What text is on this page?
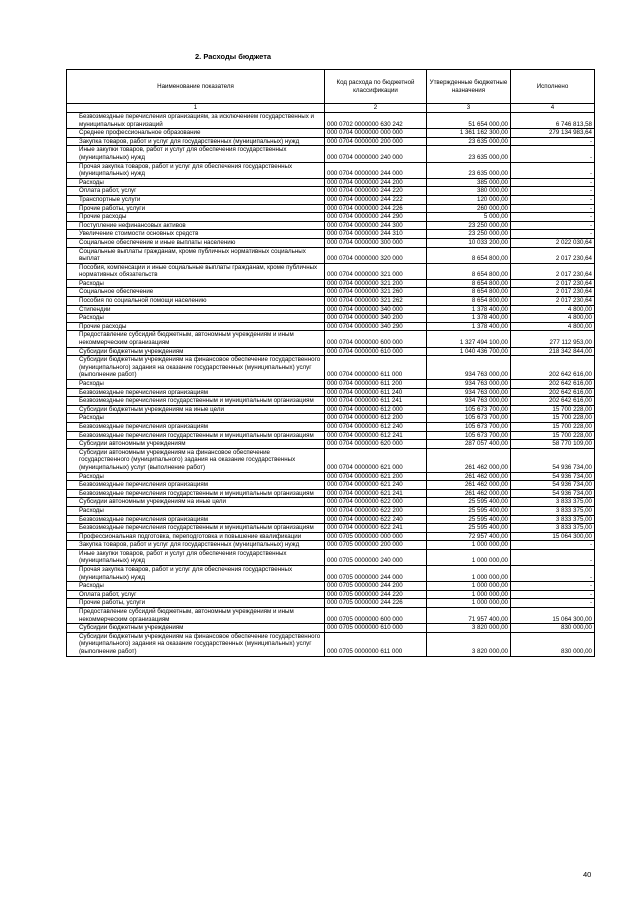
2. Расходы бюджета
Наименование показателя	Код расхода по бюджетной классификации	Утвержденные бюджетные назначения	Исполнено
1	2	3	4
Безвозмездные перечисления организациям, за исключением государственных и муниципальных организаций	000 0702 0000000 630 242	51 654 000,00	6 746 813,58
Среднее профессиональное образование	000 0704 0000000 000 000	1 361 162 300,00	279 134 983,64
Закупка товаров, работ и услуг для государственных (муниципальных) нужд	000 0704 0000000 200 000	23 635 000,00	-
Иные закупки товаров, работ и услуг для обеспечения государственных (муниципальных) нужд	000 0704 0000000 240 000	23 635 000,00	-
Прочая закупка товаров, работ и услуг для обеспечения государственных (муниципальных) нужд	000 0704 0000000 244 000	23 635 000,00	-
Расходы	000 0704 0000000 244 200	385 000,00	-
Оплата работ, услуг	000 0704 0000000 244 220	380 000,00	-
Транспортные услуги	000 0704 0000000 244 222	120 000,00	-
Прочие работы, услуги	000 0704 0000000 244 226	260 000,00	-
Прочие расходы	000 0704 0000000 244 290	5 000,00	-
Поступление нефинансовых активов	000 0704 0000000 244 300	23 250 000,00	-
Увеличение стоимости основных средств	000 0704 0000000 244 310	23 250 000,00	-
Социальное обеспечение и иные выплаты населению	000 0704 0000000 300 000	10 033 200,00	2 022 030,64
Социальные выплаты гражданам, кроме публичных нормативных социальных выплат	000 0704 0000000 320 000	8 654 800,00	2 017 230,64
Пособия, компенсации и иные социальные выплаты гражданам, кроме публичных нормативных обязательств	000 0704 0000000 321 000	8 654 800,00	2 017 230,64
Расходы	000 0704 0000000 321 200	8 654 800,00	2 017 230,64
Социальное обеспечение	000 0704 0000000 321 260	8 654 800,00	2 017 230,64
Пособия по социальной помощи населению	000 0704 0000000 321 262	8 654 800,00	2 017 230,64
Стипендии	000 0704 0000000 340 000	1 378 400,00	4 800,00
Расходы	000 0704 0000000 340 200	1 378 400,00	4 800,00
Прочие расходы	000 0704 0000000 340 290	1 378 400,00	4 800,00
Предоставление субсидий бюджетным, автономным учреждениям и иным некоммерческим организациям	000 0704 0000000 600 000	1 327 494 100,00	277 112 953,00
Субсидии бюджетным учреждениям	000 0704 0000000 610 000	1 040 436 700,00	218 342 844,00
Субсидии бюджетным учреждениям на финансовое обеспечение государственного (муниципального) задания на оказание государственных (муниципальных) услуг (выполнение работ)	000 0704 0000000 611 000	934 763 000,00	202 642 616,00
Расходы	000 0704 0000000 611 200	934 763 000,00	202 642 616,00
Безвозмездные перечисления организациям	000 0704 0000000 611 240	934 763 000,00	202 642 616,00
Безвозмездные перечисления государственным и муниципальным организациям	000 0704 0000000 611 241	934 763 000,00	202 642 616,00
Субсидии бюджетным учреждениям на иные цели	000 0704 0000000 612 000	105 673 700,00	15 700 228,00
Расходы	000 0704 0000000 612 200	105 673 700,00	15 700 228,00
Безвозмездные перечисления организациям	000 0704 0000000 612 240	105 673 700,00	15 700 228,00
Безвозмездные перечисления государственным и муниципальным организациям	000 0704 0000000 612 241	105 673 700,00	15 700 228,00
Субсидии автономным учреждениям	000 0704 0000000 620 000	287 057 400,00	58 770 109,00
Субсидии автономным учреждениям на финансовое обеспечение государственного (муниципального) задания на оказание государственных (муниципальных) услуг (выполнение работ)	000 0704 0000000 621 000	261 462 000,00	54 936 734,00
Расходы	000 0704 0000000 621 200	261 462 000,00	54 936 734,00
Безвозмездные перечисления организациям	000 0704 0000000 621 240	261 462 000,00	54 936 734,00
Безвозмездные перечисления государственным и муниципальным организациям	000 0704 0000000 621 241	261 462 000,00	54 936 734,00
Субсидии автономным учреждениям на иные цели	000 0704 0000000 622 000	25 595 400,00	3 833 375,00
Расходы	000 0704 0000000 622 200	25 595 400,00	3 833 375,00
Безвозмездные перечисления организациям	000 0704 0000000 622 240	25 595 400,00	3 833 375,00
Безвозмездные перечисления государственным и муниципальным организациям	000 0704 0000000 622 241	25 595 400,00	3 833 375,00
Профессиональная подготовка, переподготовка и повышение квалификации	000 0705 0000000 000 000	72 957 400,00	15 064 300,00
Закупка товаров, работ и услуг для государственных (муниципальных) нужд	000 0705 0000000 200 000	1 000 000,00	-
Иные закупки товаров, работ и услуг для обеспечения государственных (муниципальных) нужд	000 0705 0000000 240 000	1 000 000,00	-
Прочая закупка товаров, работ и услуг для обеспечения государственных (муниципальных) нужд	000 0705 0000000 244 000	1 000 000,00	-
Расходы	000 0705 0000000 244 200	1 000 000,00	-
Оплата работ, услуг	000 0705 0000000 244 220	1 000 000,00	-
Прочие работы, услуги	000 0705 0000000 244 226	1 000 000,00	-
Предоставление субсидий бюджетным, автономным учреждениям и иным некоммерческим организациям	000 0705 0000000 600 000	71 957 400,00	15 064 300,00
Субсидии бюджетным учреждениям	000 0705 0000000 610 000	3 820 000,00	830 000,00
Субсидии бюджетным учреждениям на финансовое обеспечение государственного (муниципального) задания на оказание государственных (муниципальных) услуг (выполнение работ)	000 0705 0000000 611 000	3 820 000,00	830 000,00
40
